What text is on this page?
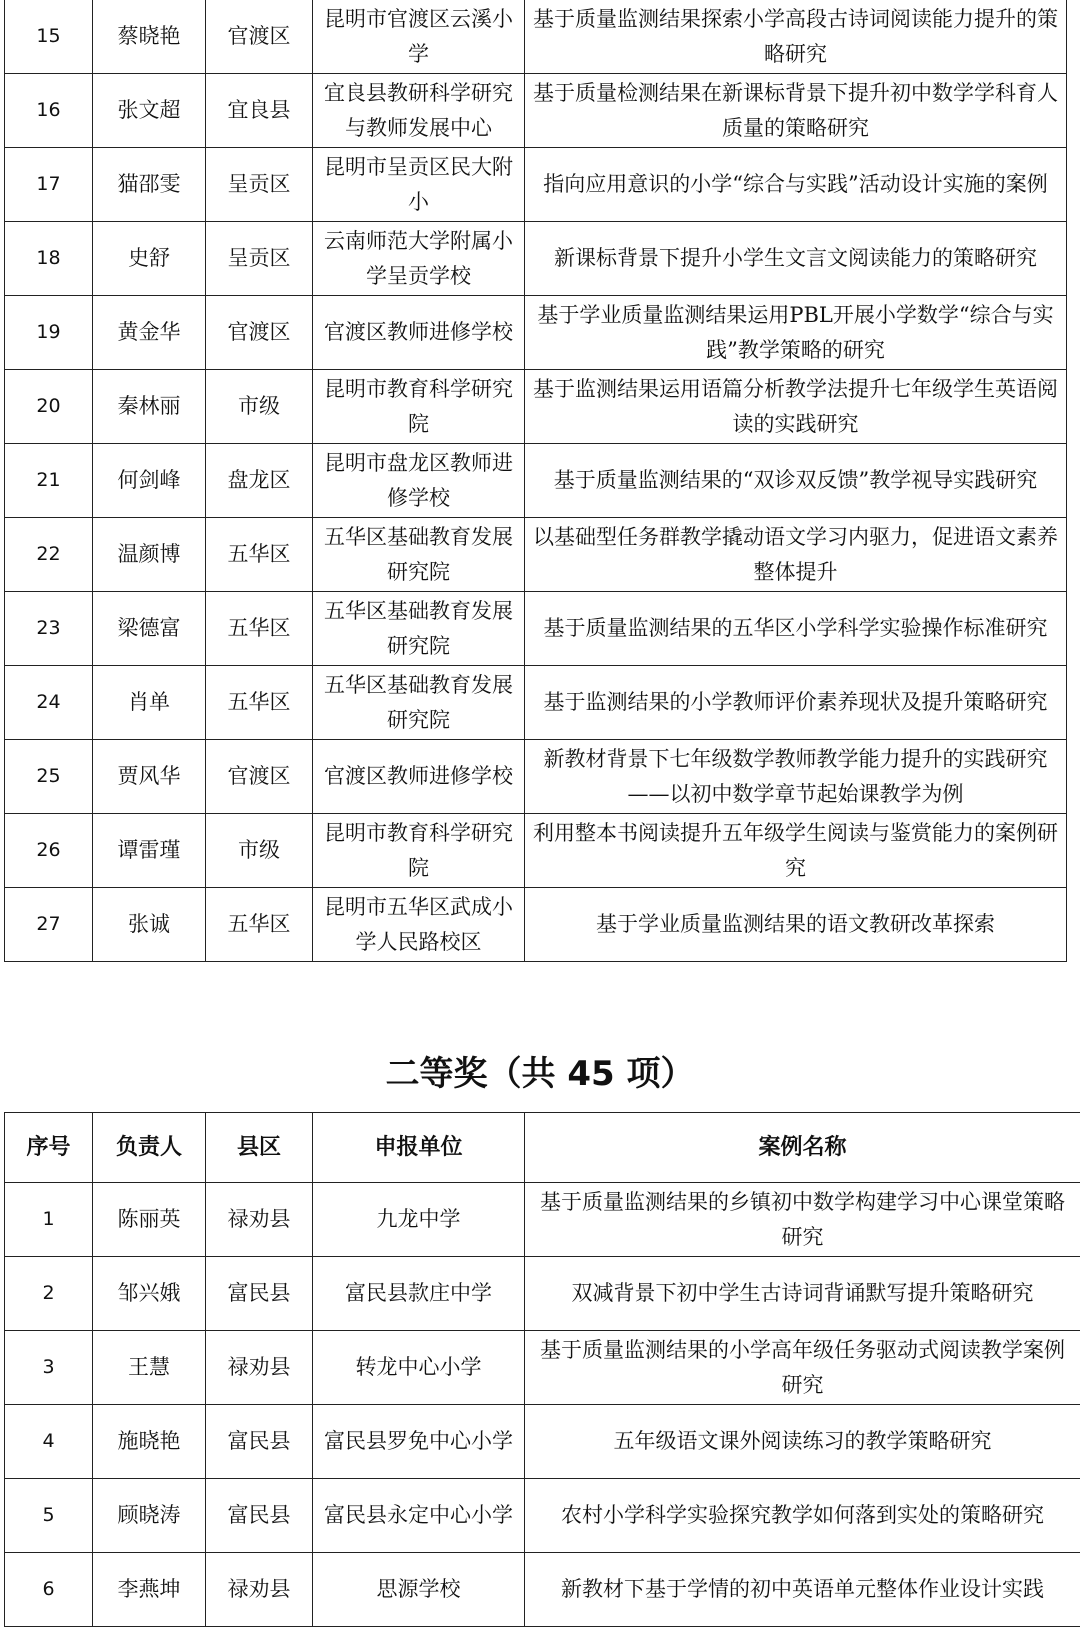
15	蔡晓艳	官渡区	昆明市官渡区云溪小学	基于质量监测结果探索小学高段古诗词阅读能力提升的策略研究
16	张文超	宜良县	宜良县教研科学研究与教师发展中心	基于质量检测结果在新课标背景下提升初中数学学科育人质量的策略研究
17	猫邵雯	呈贡区	昆明市呈贡区民大附小	指向应用意识的小学“综合与实践”活动设计实施的案例
18	史舒	呈贡区	云南师范大学附属小学呈贡学校	新课标背景下提升小学生文言文阅读能力的策略研究
19	黄金华	官渡区	官渡区教师进修学校	基于学业质量监测结果运用PBL开展小学数学“综合与实践”教学策略的研究
20	秦林丽	市级	昆明市教育科学研究院	基于监测结果运用语篇分析教学法提升七年级学生英语阅读的实践研究
21	何剑峰	盘龙区	昆明市盘龙区教师进修学校	基于质量监测结果的“双诊双反馈”教学视导实践研究
22	温颜博	五华区	五华区基础教育发展研究院	以基础型任务群教学撬动语文学习内驱力，促进语文素养整体提升
23	梁德富	五华区	五华区基础教育发展研究院	基于质量监测结果的五华区小学科学实验操作标准研究
24	肖单	五华区	五华区基础教育发展研究院	基于监测结果的小学教师评价素养现状及提升策略研究
25	贾风华	官渡区	官渡区教师进修学校	新教材背景下七年级数学教师教学能力提升的实践研究——以初中数学章节起始课教学为例
26	谭雷瑾	市级	昆明市教育科学研究院	利用整本书阅读提升五年级学生阅读与鉴赏能力的案例研究
27	张诚	五华区	昆明市五华区武成小学人民路校区	基于学业质量监测结果的语文教研改革探索
二等奖（共 45 项）
序号	负责人	县区	申报单位	案例名称
1	陈丽英	禄劝县	九龙中学	基于质量监测结果的乡镇初中数学构建学习中心课堂策略研究
2	邹兴娥	富民县	富民县款庄中学	双减背景下初中学生古诗词背诵默写提升策略研究
3	王慧	禄劝县	转龙中心小学	基于质量监测结果的小学高年级任务驱动式阅读教学案例研究
4	施晓艳	富民县	富民县罗免中心小学	五年级语文课外阅读练习的教学策略研究
5	顾晓涛	富民县	富民县永定中心小学	农村小学科学实验探究教学如何落到实处的策略研究
6	李燕坤	禄劝县	思源学校	新教材下基于学情的初中英语单元整体作业设计实践
